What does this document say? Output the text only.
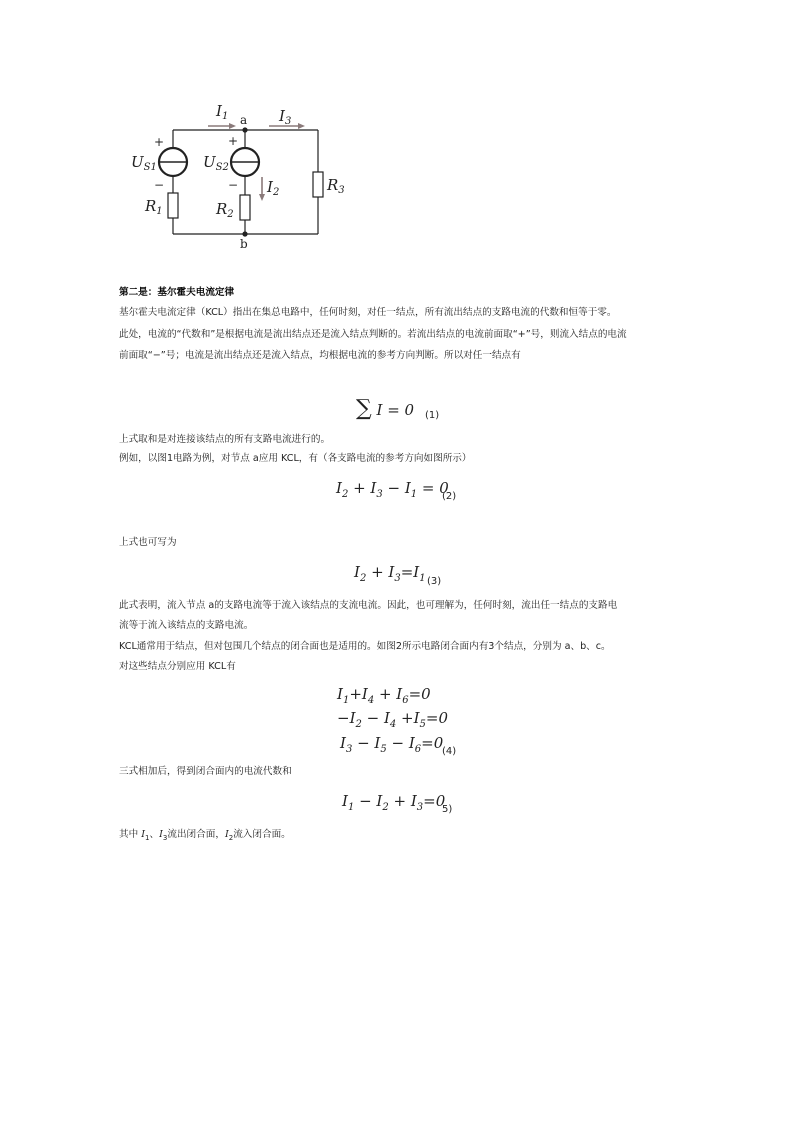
$I_1$	$I_3$
$U_{S1}$	$U_{S2}$
$I_2$
$R_1$	$R_2$
$R_3$
a
b
+	+
−	−
第二是：基尔霍夫电流定律
基尔霍夫电流定律（KCL）指出在集总电路中，任何时刻，对任一结点，所有流出结点的支路电流的代数和恒等于零。
此处，电流的“代数和”是根据电流是流出结点还是流入结点判断的。若流出结点的电流前面取“+”号，则流入结点的电流
前面取“−”号；电流是流出结点还是流入结点，均根据电流的参考方向判断。所以对任一结点有
∑ I = 0 (1)
上式取和是对连接该结点的所有支路电流进行的。
例如，以图1电路为例，对节点 a应用 KCL，有（各支路电流的参考方向如图所示）
$I_2 + I_3 - I_1 = 0$
(2)
上式也可写为
$I_2 + I_3=I_1$ (3)
此式表明，流入节点 a的支路电流等于流入该结点的支流电流。因此，也可理解为，任何时刻，流出任一结点的支路电
流等于流入该结点的支路电流。
KCL通常用于结点，但对包围几个结点的闭合面也是适用的。如图2所示电路闭合面内有3个结点，分别为 a、b、c。
对这些结点分别应用 KCL有
$I_1+I_4 + I_6=0$
$-I_2 - I_4 +I_5=0$
$I_3 - I_5 - I_6=0$
(4)
三式相加后，得到闭合面内的电流代数和
$I_1 - I_2 + I_3=0$
5)
其中 $I_1$、$I_3$流出闭合面，$I_2$流入闭合面。
